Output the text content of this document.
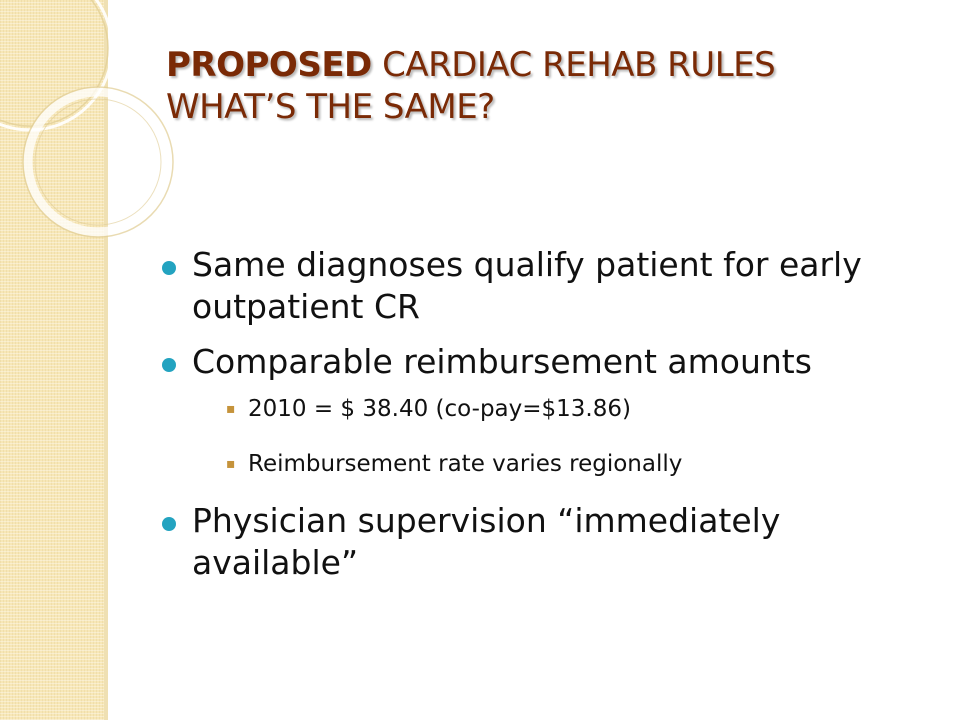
PROPOSED CARDIAC REHAB RULES
WHAT’S THE SAME?
Same diagnoses qualify patient for early outpatient CR
Comparable reimbursement amounts
▪ 2010 = $ 38.40 (co-pay=$13.86)
▪ Reimbursement rate varies regionally
Physician supervision “immediately available”
